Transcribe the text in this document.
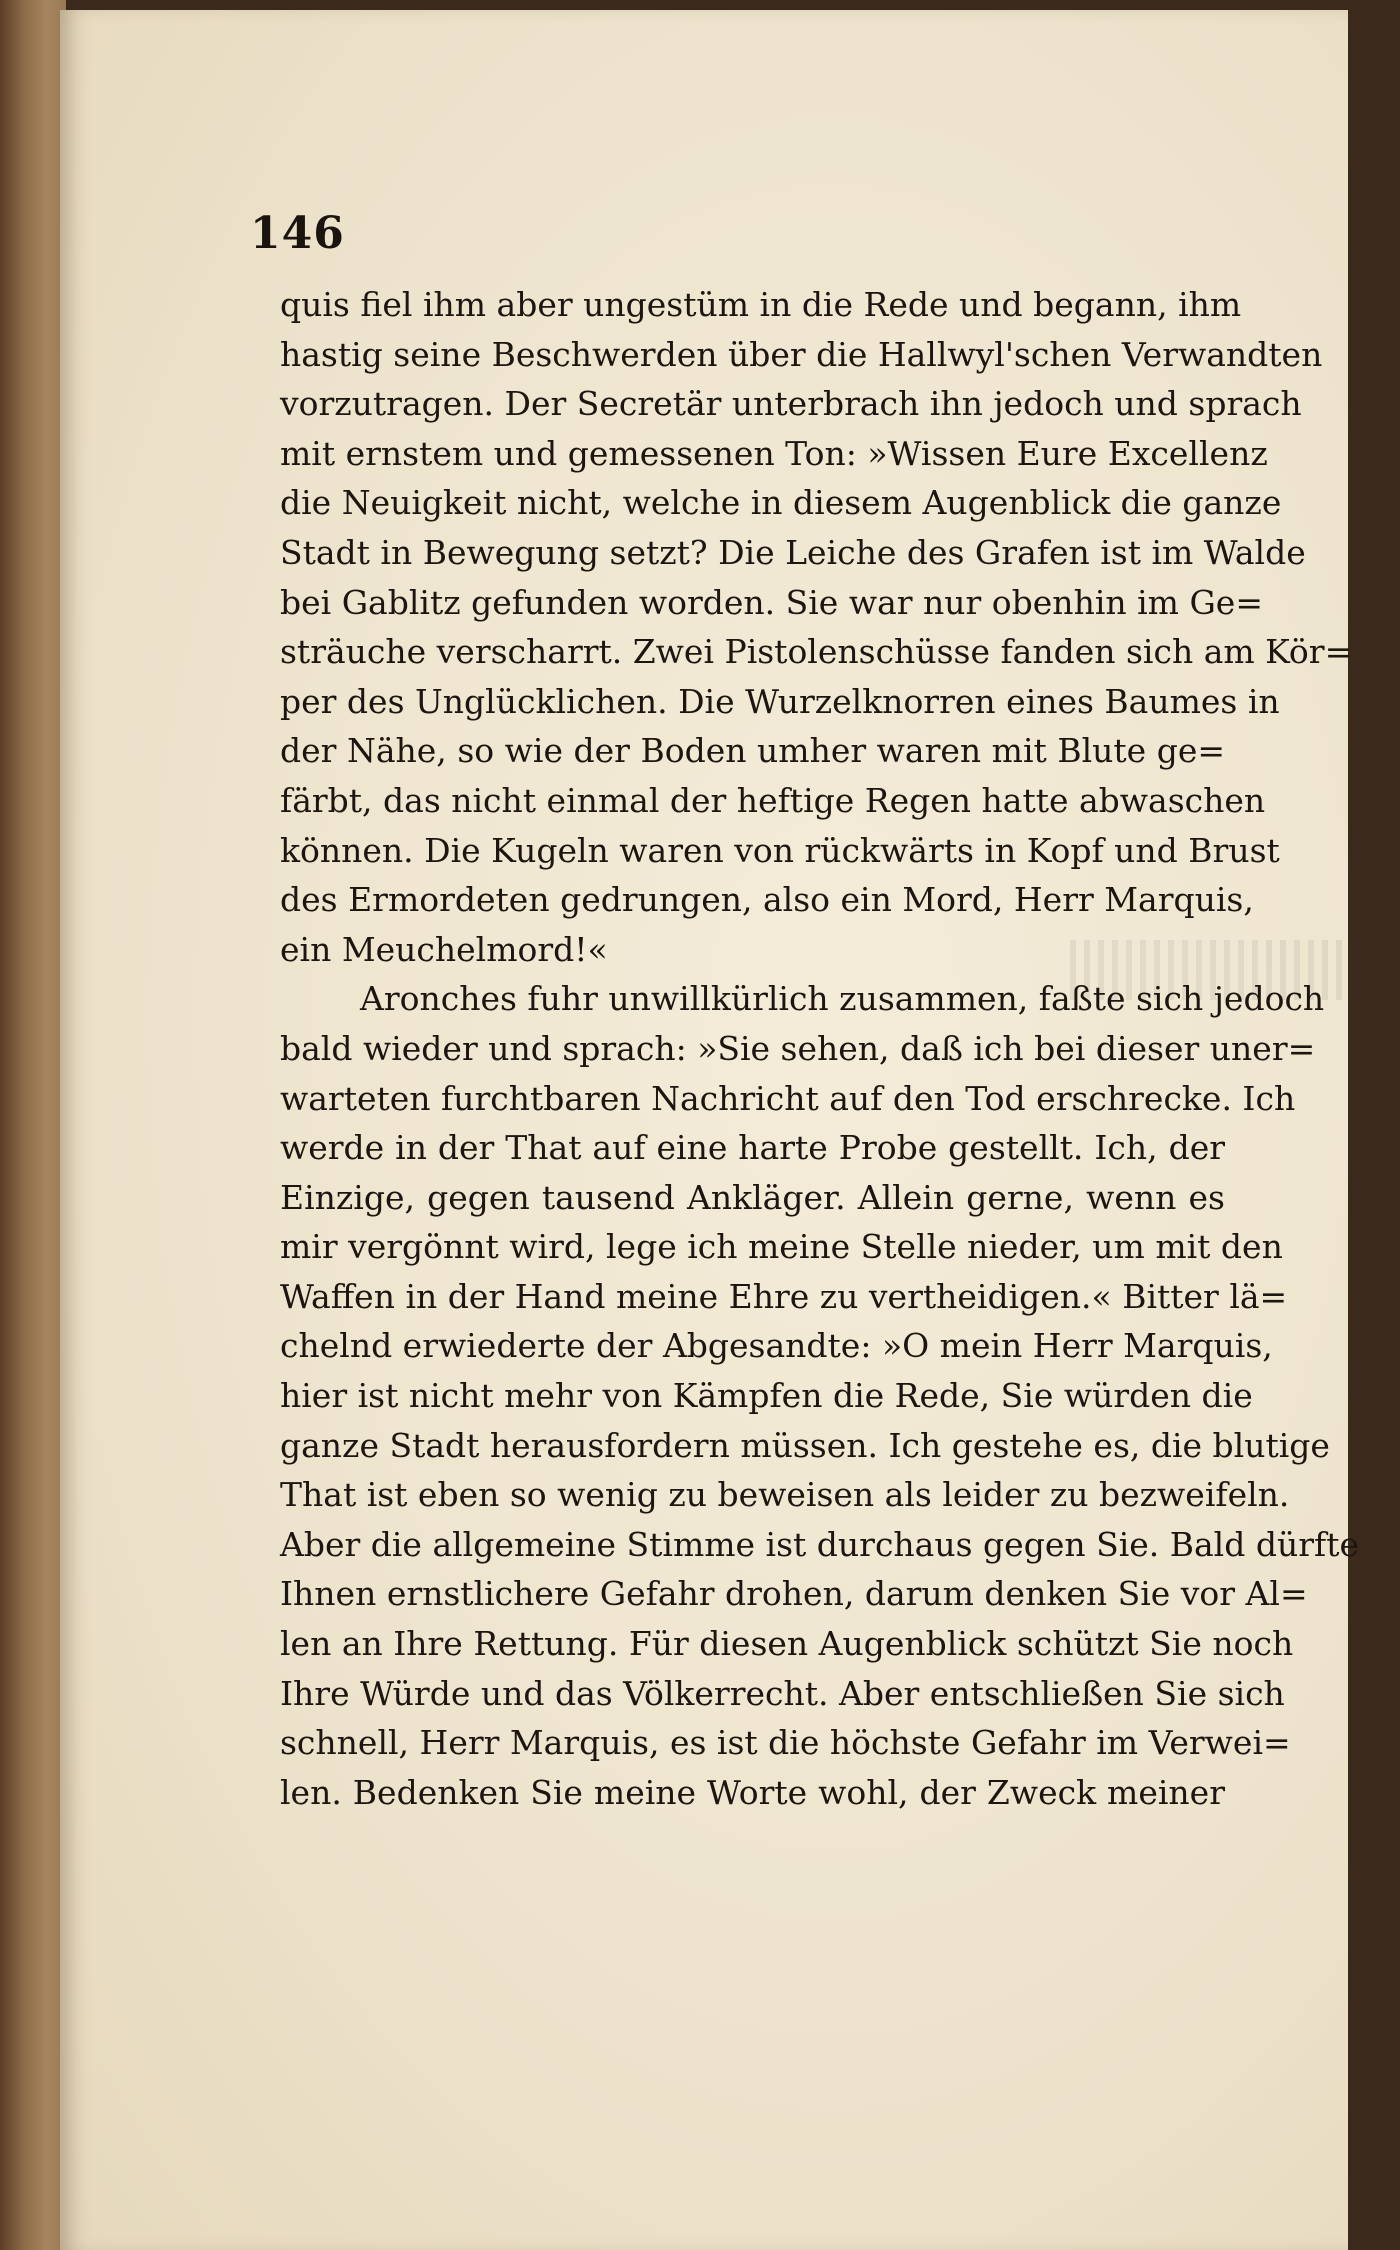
146
quis fiel ihm aber ungestüm in die Rede und begann, ihm
hastig seine Beschwerden über die Hallwyl'schen Verwandten
vorzutragen. Der Secretär unterbrach ihn jedoch und sprach
mit ernstem und gemessenen Ton: »Wissen Eure Excellenz
die Neuigkeit nicht, welche in diesem Augenblick die ganze
Stadt in Bewegung setzt? Die Leiche des Grafen ist im Walde
bei Gablitz gefunden worden. Sie war nur obenhin im Ge=
sträuche verscharrt. Zwei Pistolenschüsse fanden sich am Kör=
per des Unglücklichen. Die Wurzelknorren eines Baumes in
der Nähe, so wie der Boden umher waren mit Blute ge=
färbt, das nicht einmal der heftige Regen hatte abwaschen
können. Die Kugeln waren von rückwärts in Kopf und Brust
des Ermordeten gedrungen, also ein Mord, Herr Marquis,
ein Meuchelmord!«
Aronches fuhr unwillkürlich zusammen, faßte sich jedoch
bald wieder und sprach: »Sie sehen, daß ich bei dieser uner=
warteten furchtbaren Nachricht auf den Tod erschrecke. Ich
werde in der That auf eine harte Probe gestellt. Ich, der
Einzige, gegen tausend Ankläger. Allein gerne, wenn es
mir vergönnt wird, lege ich meine Stelle nieder, um mit den
Waffen in der Hand meine Ehre zu vertheidigen.« Bitter lä=
chelnd erwiederte der Abgesandte: »O mein Herr Marquis,
hier ist nicht mehr von Kämpfen die Rede, Sie würden die
ganze Stadt herausfordern müssen. Ich gestehe es, die blutige
That ist eben so wenig zu beweisen als leider zu bezweifeln.
Aber die allgemeine Stimme ist durchaus gegen Sie. Bald dürfte
Ihnen ernstlichere Gefahr drohen, darum denken Sie vor Al=
len an Ihre Rettung. Für diesen Augenblick schützt Sie noch
Ihre Würde und das Völkerrecht. Aber entschließen Sie sich
schnell, Herr Marquis, es ist die höchste Gefahr im Verwei=
len. Bedenken Sie meine Worte wohl, der Zweck meiner
